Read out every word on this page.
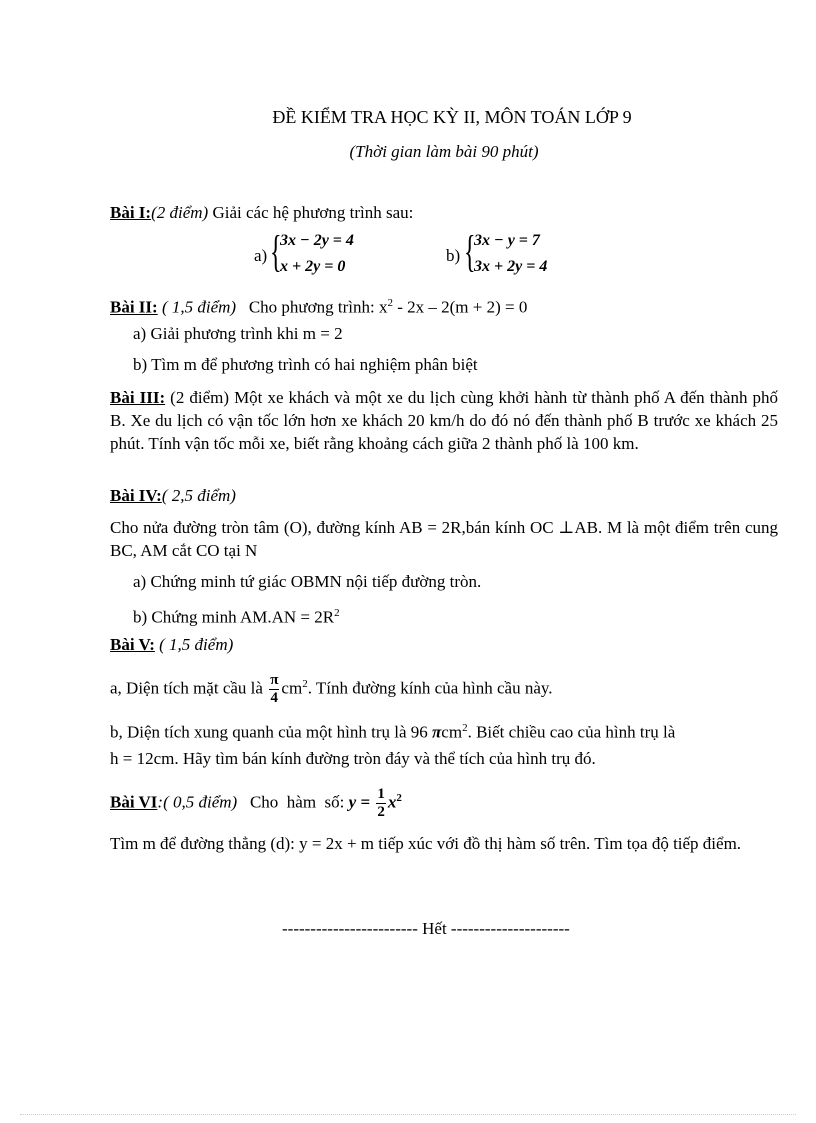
ĐỀ KIỂM TRA HỌC KỲ II, MÔN TOÁN LỚP 9
(Thời gian làm bài 90 phút)
Bài I:(2 điểm) Giải các hệ phương trình sau:
a) {
3x − 2y = 4
x + 2y = 0
b) {
3x − y = 7
3x + 2y = 4
Bài II: ( 1,5 điểm) Cho phương trình: $x^2 - 2x - 2(m + 2) = 0$
a) Giải phương trình khi m = 2
b) Tìm m để phương trình có hai nghiệm phân biệt
Bài III: (2 điểm) Một xe khách và một xe du lịch cùng khởi hành từ thành phố A đến thành phố B. Xe du lịch có vận tốc lớn hơn xe khách 20 km/h do đó nó đến thành phố B trước xe khách 25 phút. Tính vận tốc mỗi xe, biết rằng khoảng cách giữa 2 thành phố là 100 km.
Bài IV:( 2,5 điểm)
Cho nửa đường tròn tâm (O), đường kính AB = 2R,bán kính OC ⊥AB. M là một điểm trên cung BC, AM cắt CO tại N
a) Chứng minh tứ giác OBMN nội tiếp đường tròn.
b) Chứng minh $AM.AN = 2R^2$
Bài V: ( 1,5 điểm)
a, Diện tích mặt cầu là $\frac{\pi}{4} cm^2$. Tính đường kính của hình cầu này.
b, Diện tích xung quanh của một hình trụ là 96 πcm$^2$. Biết chiều cao của hình trụ là
h = 12cm. Hãy tìm bán kính đường tròn đáy và thể tích của hình trụ đó.
Bài VI:( 0,5 điểm)   Cho  hàm  số: $y = \frac{1}{2} x^2$
Tìm m để đường thẳng (d): y = 2x + m tiếp xúc với đồ thị hàm số trên. Tìm tọa độ tiếp điểm.
------------------------ Hết ---------------------
